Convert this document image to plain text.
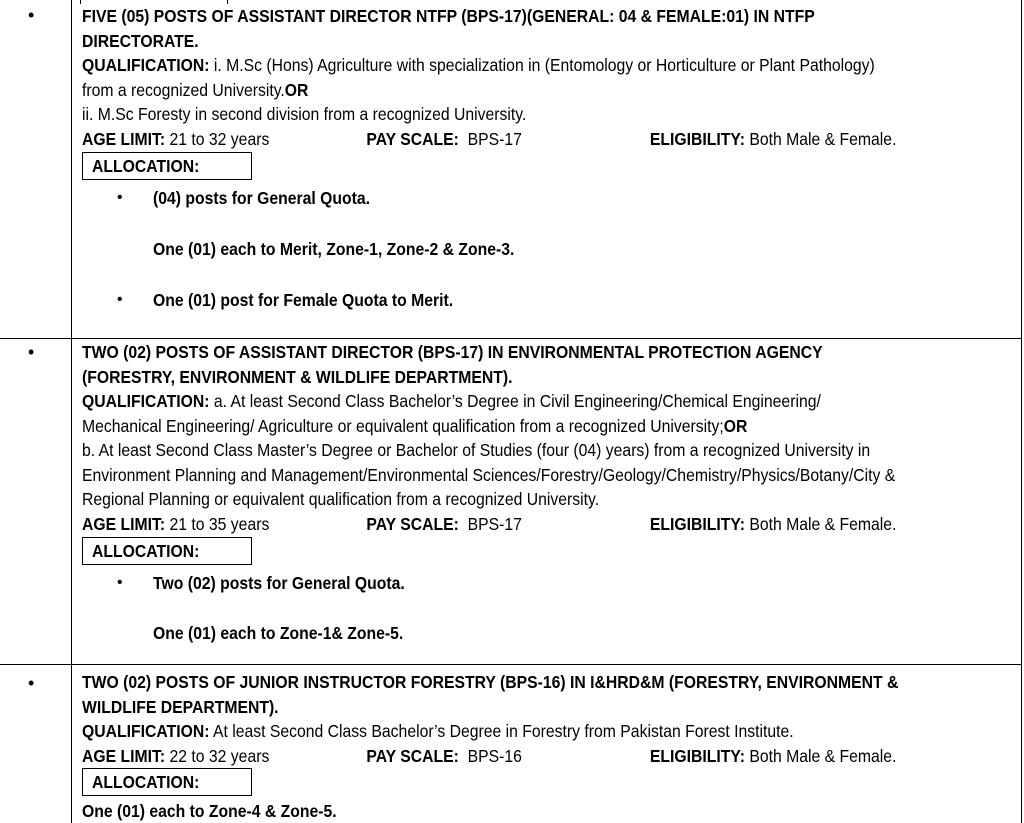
•	FIVE (05) POSTS OF ASSISTANT DIRECTOR NTFP (BPS-17)(GENERAL: 04 & FEMALE:01) IN NTFP
DIRECTORATE.
QUALIFICATION: i. M.Sc (Hons) Agriculture with specialization in (Entomology or Horticulture or Plant Pathology)
from a recognized University.OR
ii. M.Sc Foresty in second division from a recognized University.
AGE LIMIT: 21 to 32 years	PAY SCALE: BPS-17	ELIGIBILITY: Both Male & Female.
ALLOCATION:
• (04) posts for General Quota.
One (01) each to Merit, Zone-1, Zone-2 & Zone-3.
• One (01) post for Female Quota to Merit.
•	TWO (02) POSTS OF ASSISTANT DIRECTOR (BPS-17) IN ENVIRONMENTAL PROTECTION AGENCY
(FORESTRY, ENVIRONMENT & WILDLIFE DEPARTMENT).
QUALIFICATION: a. At least Second Class Bachelor’s Degree in Civil Engineering/Chemical Engineering/
Mechanical Engineering/ Agriculture or equivalent qualification from a recognized University;OR
b. At least Second Class Master’s Degree or Bachelor of Studies (four (04) years) from a recognized University in
Environment Planning and Management/Environmental Sciences/Forestry/Geology/Chemistry/Physics/Botany/City &
Regional Planning or equivalent qualification from a recognized University.
AGE LIMIT: 21 to 35 years	PAY SCALE: BPS-17	ELIGIBILITY: Both Male & Female.
ALLOCATION:
• Two (02) posts for General Quota.
One (01) each to Zone-1& Zone-5.
•	TWO (02) POSTS OF JUNIOR INSTRUCTOR FORESTRY (BPS-16) IN I&HRD&M (FORESTRY, ENVIRONMENT &
WILDLIFE DEPARTMENT).
QUALIFICATION: At least Second Class Bachelor’s Degree in Forestry from Pakistan Forest Institute.
AGE LIMIT: 22 to 32 years	PAY SCALE: BPS-16	ELIGIBILITY: Both Male & Female.
ALLOCATION:
One (01) each to Zone-4 & Zone-5.
